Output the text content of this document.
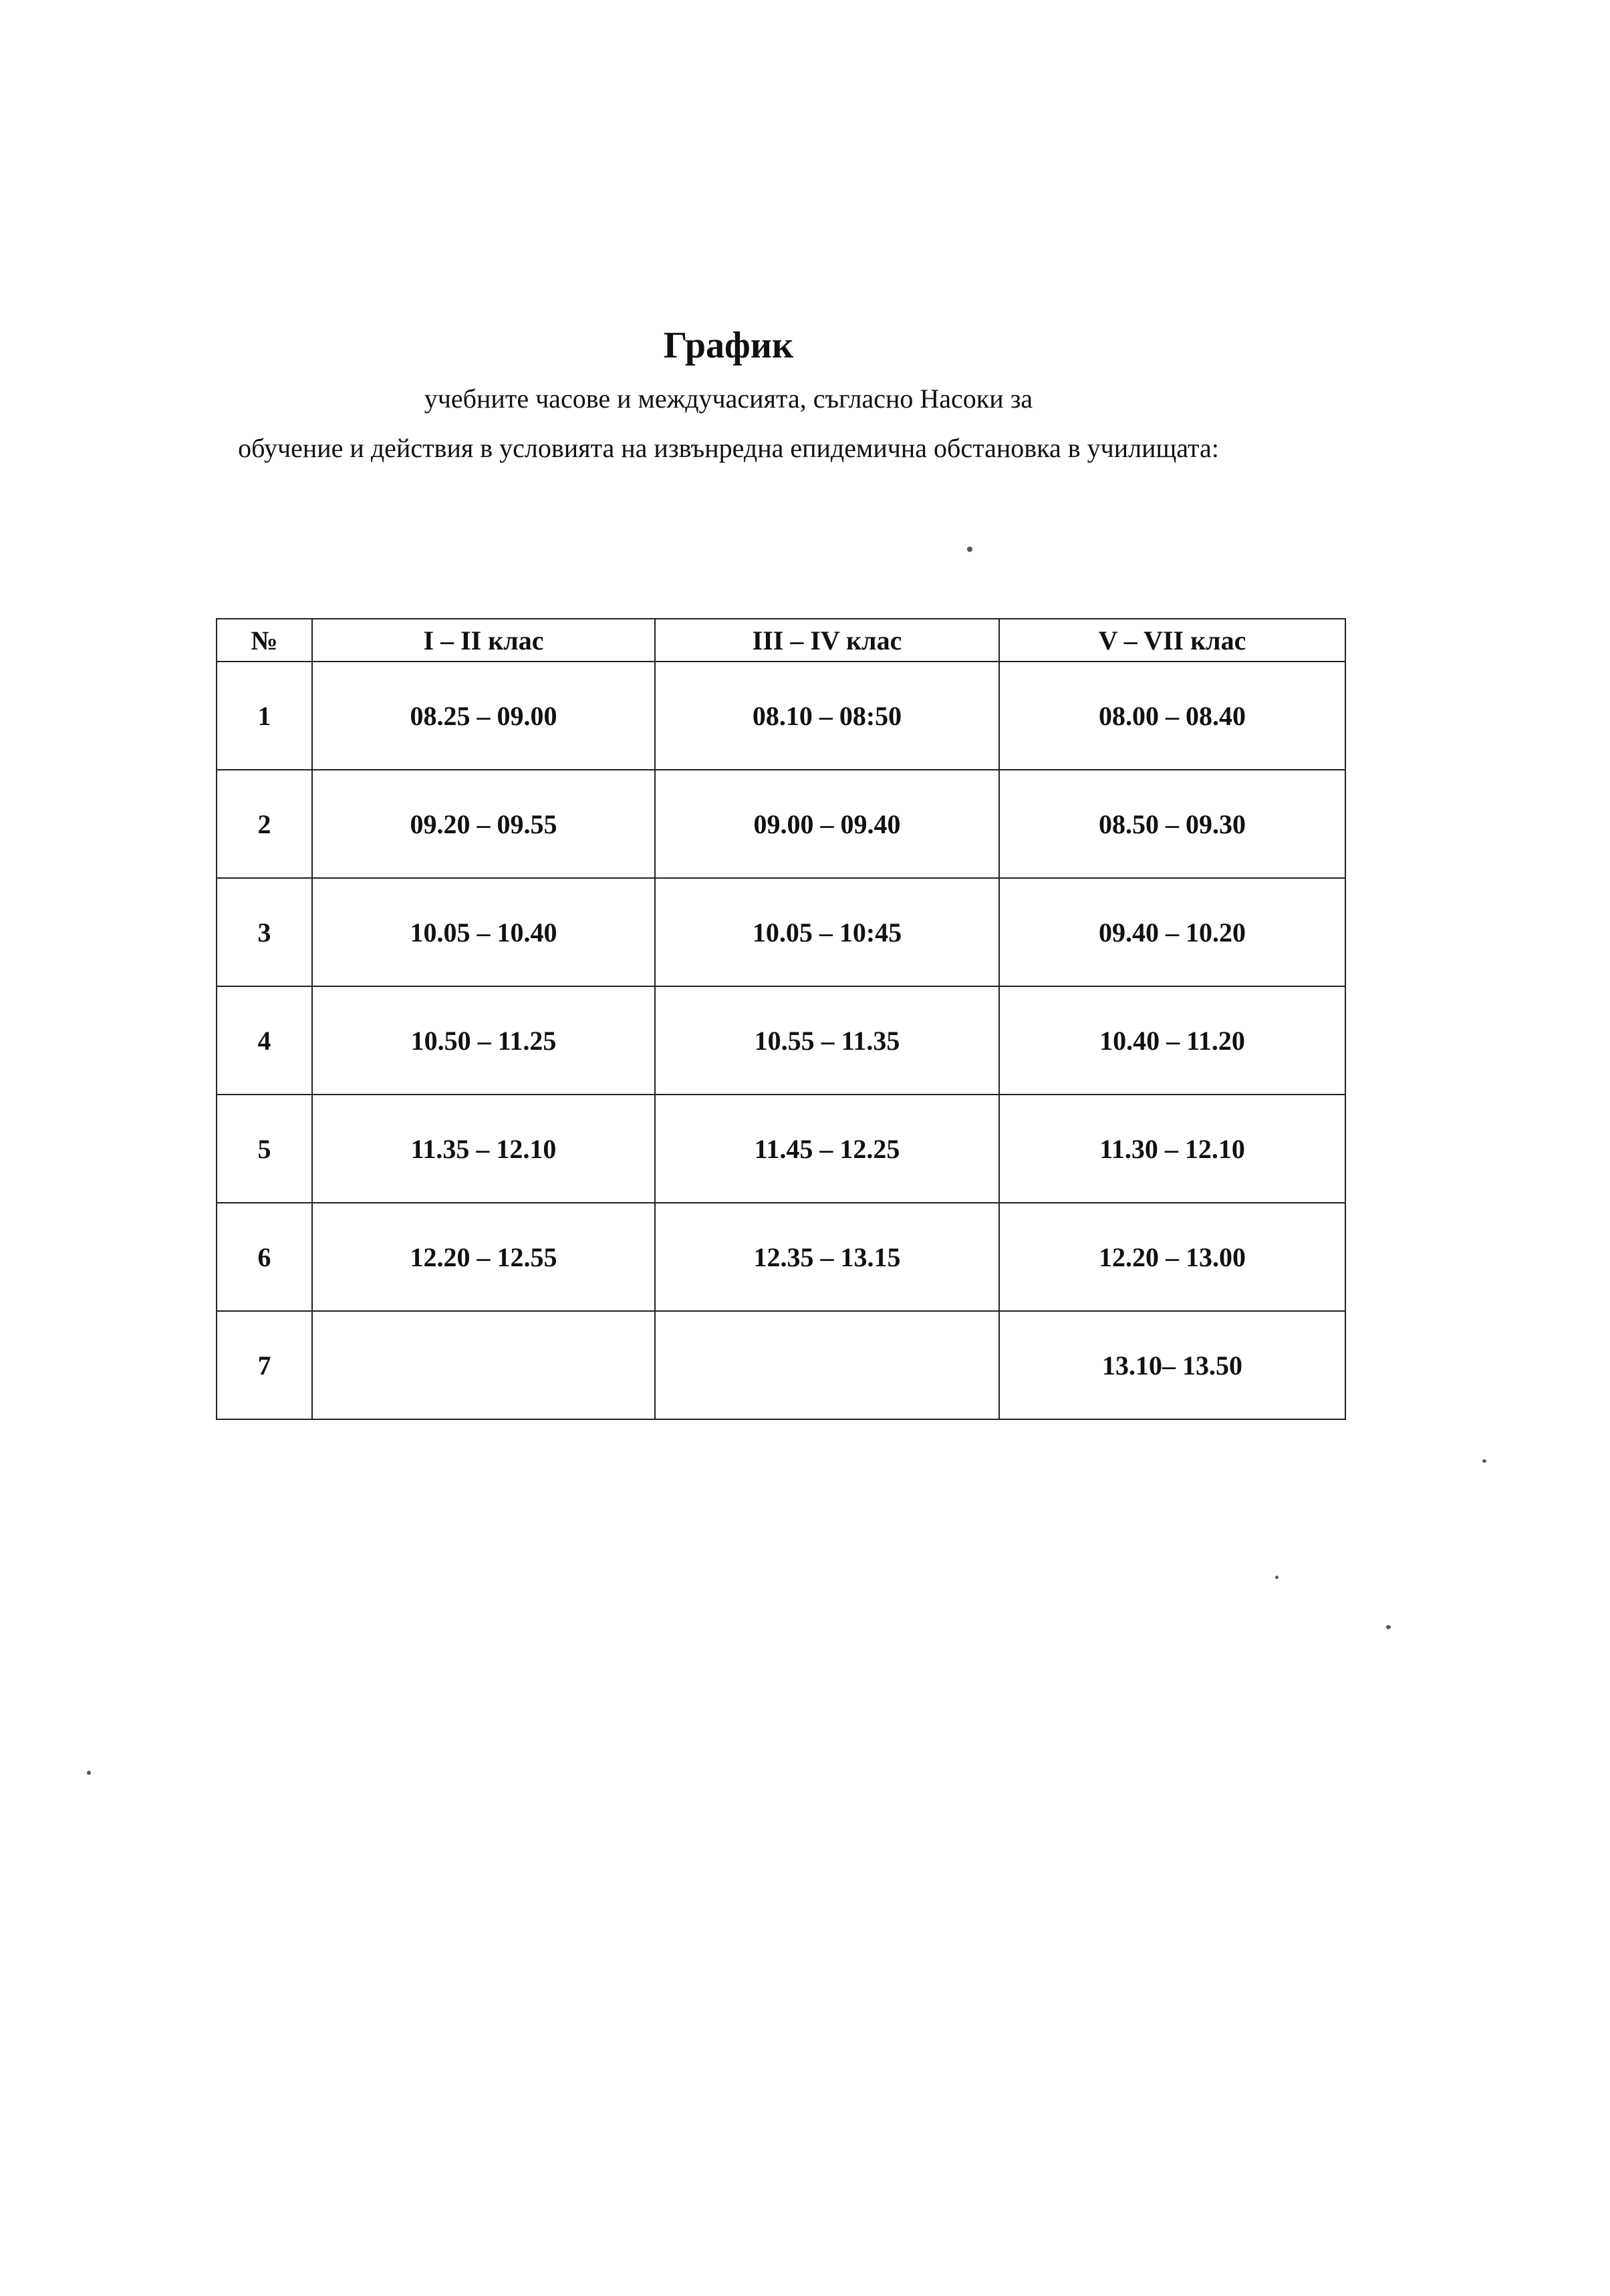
График
учебните часове и междучасията, съгласно Насоки за
обучение и действия в условията на извънредна епидемична обстановка в училищата:
№	I – II клас	III – IV клас	V – VII клас
1	08.25 – 09.00	08.10 – 08:50	08.00 – 08.40
2	09.20 – 09.55	09.00 – 09.40	08.50 – 09.30
3	10.05 – 10.40	10.05 – 10:45	09.40 – 10.20
4	10.50 – 11.25	10.55 – 11.35	10.40 – 11.20
5	11.35 – 12.10	11.45 – 12.25	11.30 – 12.10
6	12.20 – 12.55	12.35 – 13.15	12.20 – 13.00
7			13.10– 13.50
